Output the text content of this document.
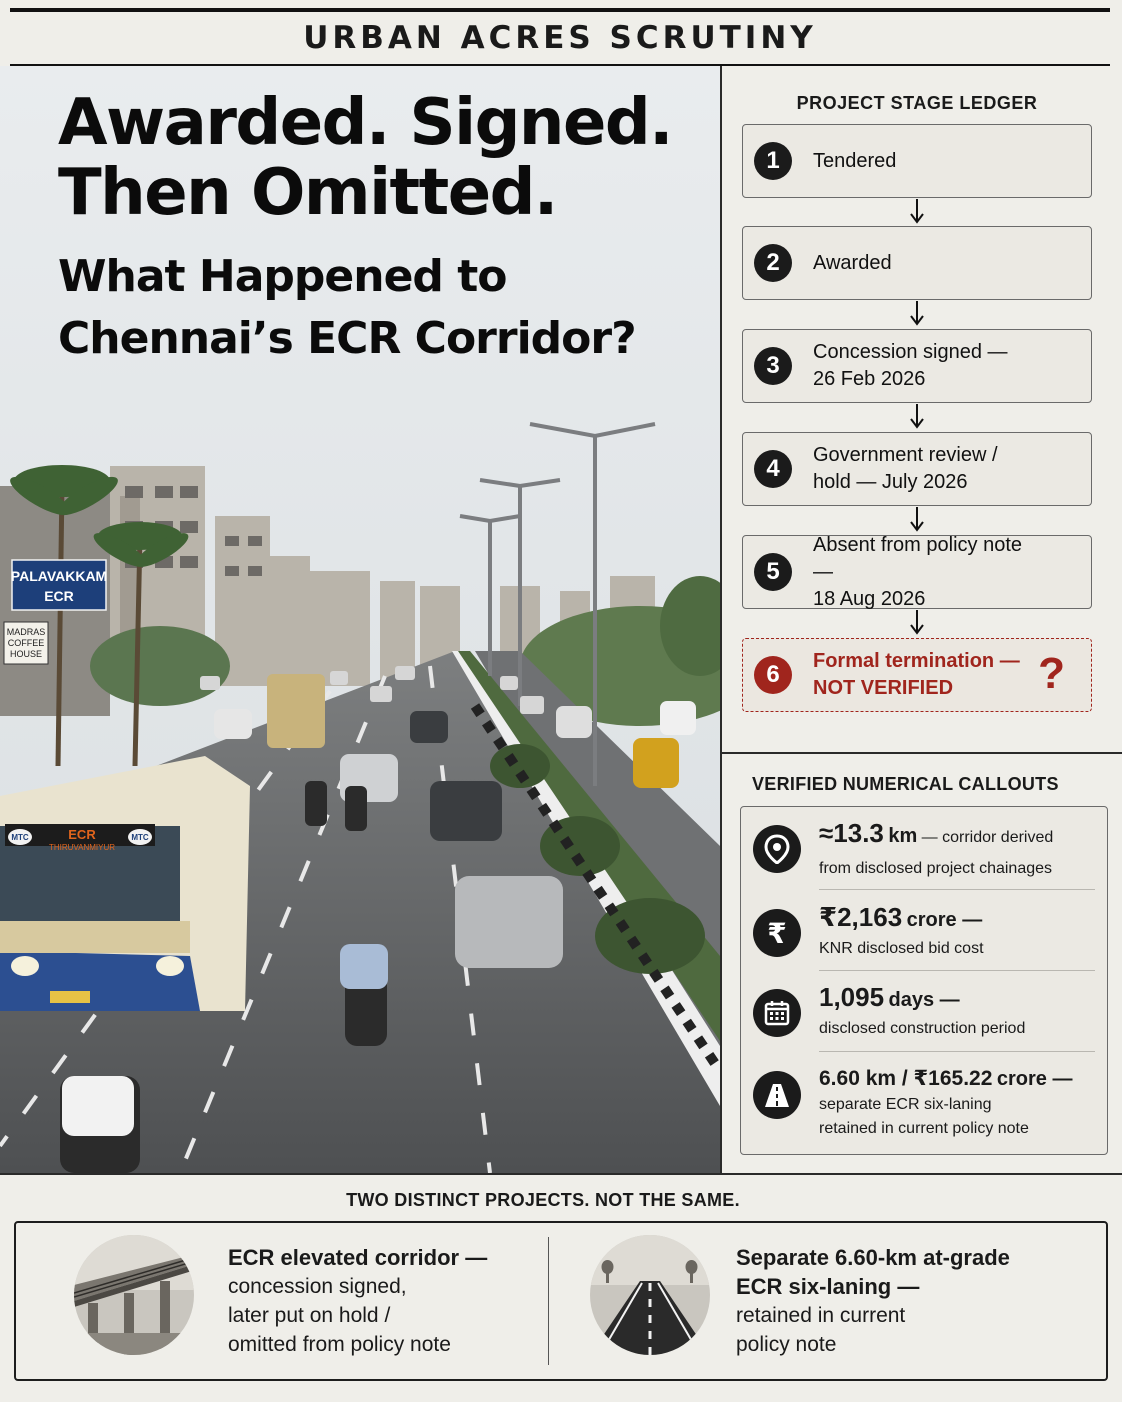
URBAN ACRES SCRUTINY
PALAVAKKAM
ECR
MADRAS
COFFEE
HOUSE
ECR
THIRUVANMIYUR
MTC	MTC
Awarded. Signed.
Then Omitted.
What Happened to
Chennai’s ECR Corridor?
PROJECT STAGE LEDGER
1	Tendered
2	Awarded
3	Concession signed —
26 Feb 2026
4	Government review /
hold — July 2026
5
Absent from policy note —
18 Aug 2026
6	Formal termination —
NOT VERIFIED	?
VERIFIED NUMERICAL CALLOUTS
≈13.3 km — corridor derived
from disclosed project chainages
₹ ₹2,163 crore —
KNR disclosed bid cost
1,095 days —
disclosed construction period
6.60 km / ₹165.22 crore —
separate ECR six-laning
retained in current policy note
TWO DISTINCT PROJECTS. NOT THE SAME.
ECR elevated corridor —
concession signed,
later put on hold /
omitted from policy note
Separate 6.60-km at-grade
ECR six-laning —
retained in current
policy note
